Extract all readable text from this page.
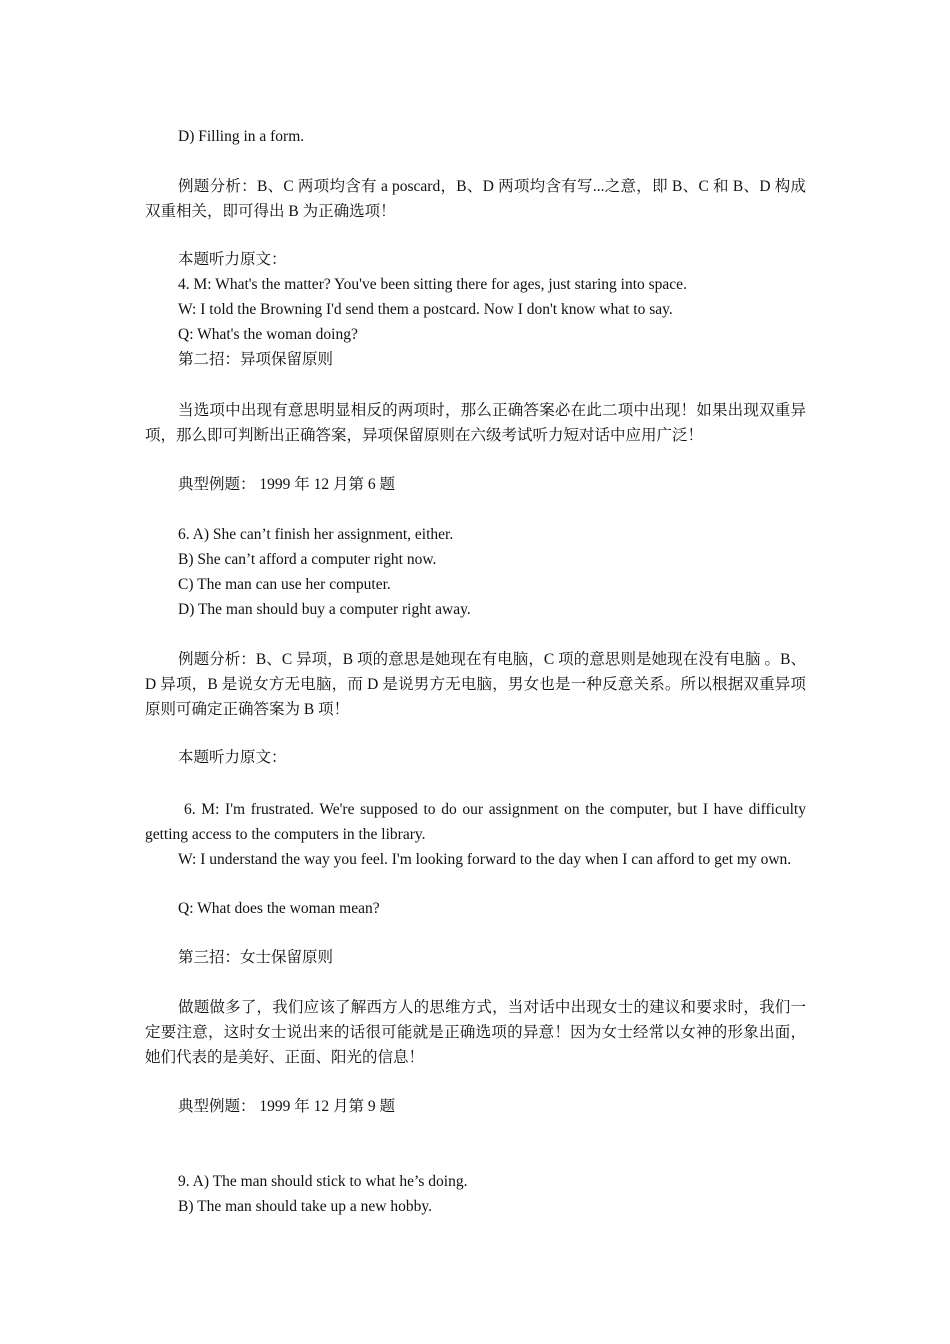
D) Filling in a form.
例题分析：B、C 两项均含有 a poscard，B、D 两项均含有写...之意，即 B、C 和 B、D 构成双重相关，即可得出 B 为正确选项！
本题听力原文：
4. M: What's the matter? You've been sitting there for ages, just staring into space.
W: I told the Browning I'd send them a postcard. Now I don't know what to say.
Q: What's the woman doing?
第二招：异项保留原则
当选项中出现有意思明显相反的两项时，那么正确答案必在此二项中出现！如果出现双重异项，那么即可判断出正确答案，异项保留原则在六级考试听力短对话中应用广泛！
典型例题： 1999 年 12 月第 6 题
6. A) She can’t finish her assignment, either.
B) She can’t afford a computer right now.
C) The man can use her computer.
D) The man should buy a computer right away.
例题分析：B、C 异项，B 项的意思是她现在有电脑，C 项的意思则是她现在没有电脑 。B、D 异项，B 是说女方无电脑，而 D 是说男方无电脑，男女也是一种反意关系。所以根据双重异项原则可确定正确答案为 B 项！
本题听力原文：
6. M: I'm frustrated. We're supposed to do our assignment on the computer, but I have difficulty getting access to the computers in the library.
W: I understand the way you feel. I'm looking forward to the day when I can afford to get my own.
Q: What does the woman mean?
第三招：女士保留原则
做题做多了，我们应该了解西方人的思维方式，当对话中出现女士的建议和要求时，我们一定要注意，这时女士说出来的话很可能就是正确选项的异意！因为女士经常以女神的形象出面，她们代表的是美好、正面、阳光的信息！
典型例题： 1999 年 12 月第 9 题
9. A) The man should stick to what he’s doing.
B) The man should take up a new hobby.
